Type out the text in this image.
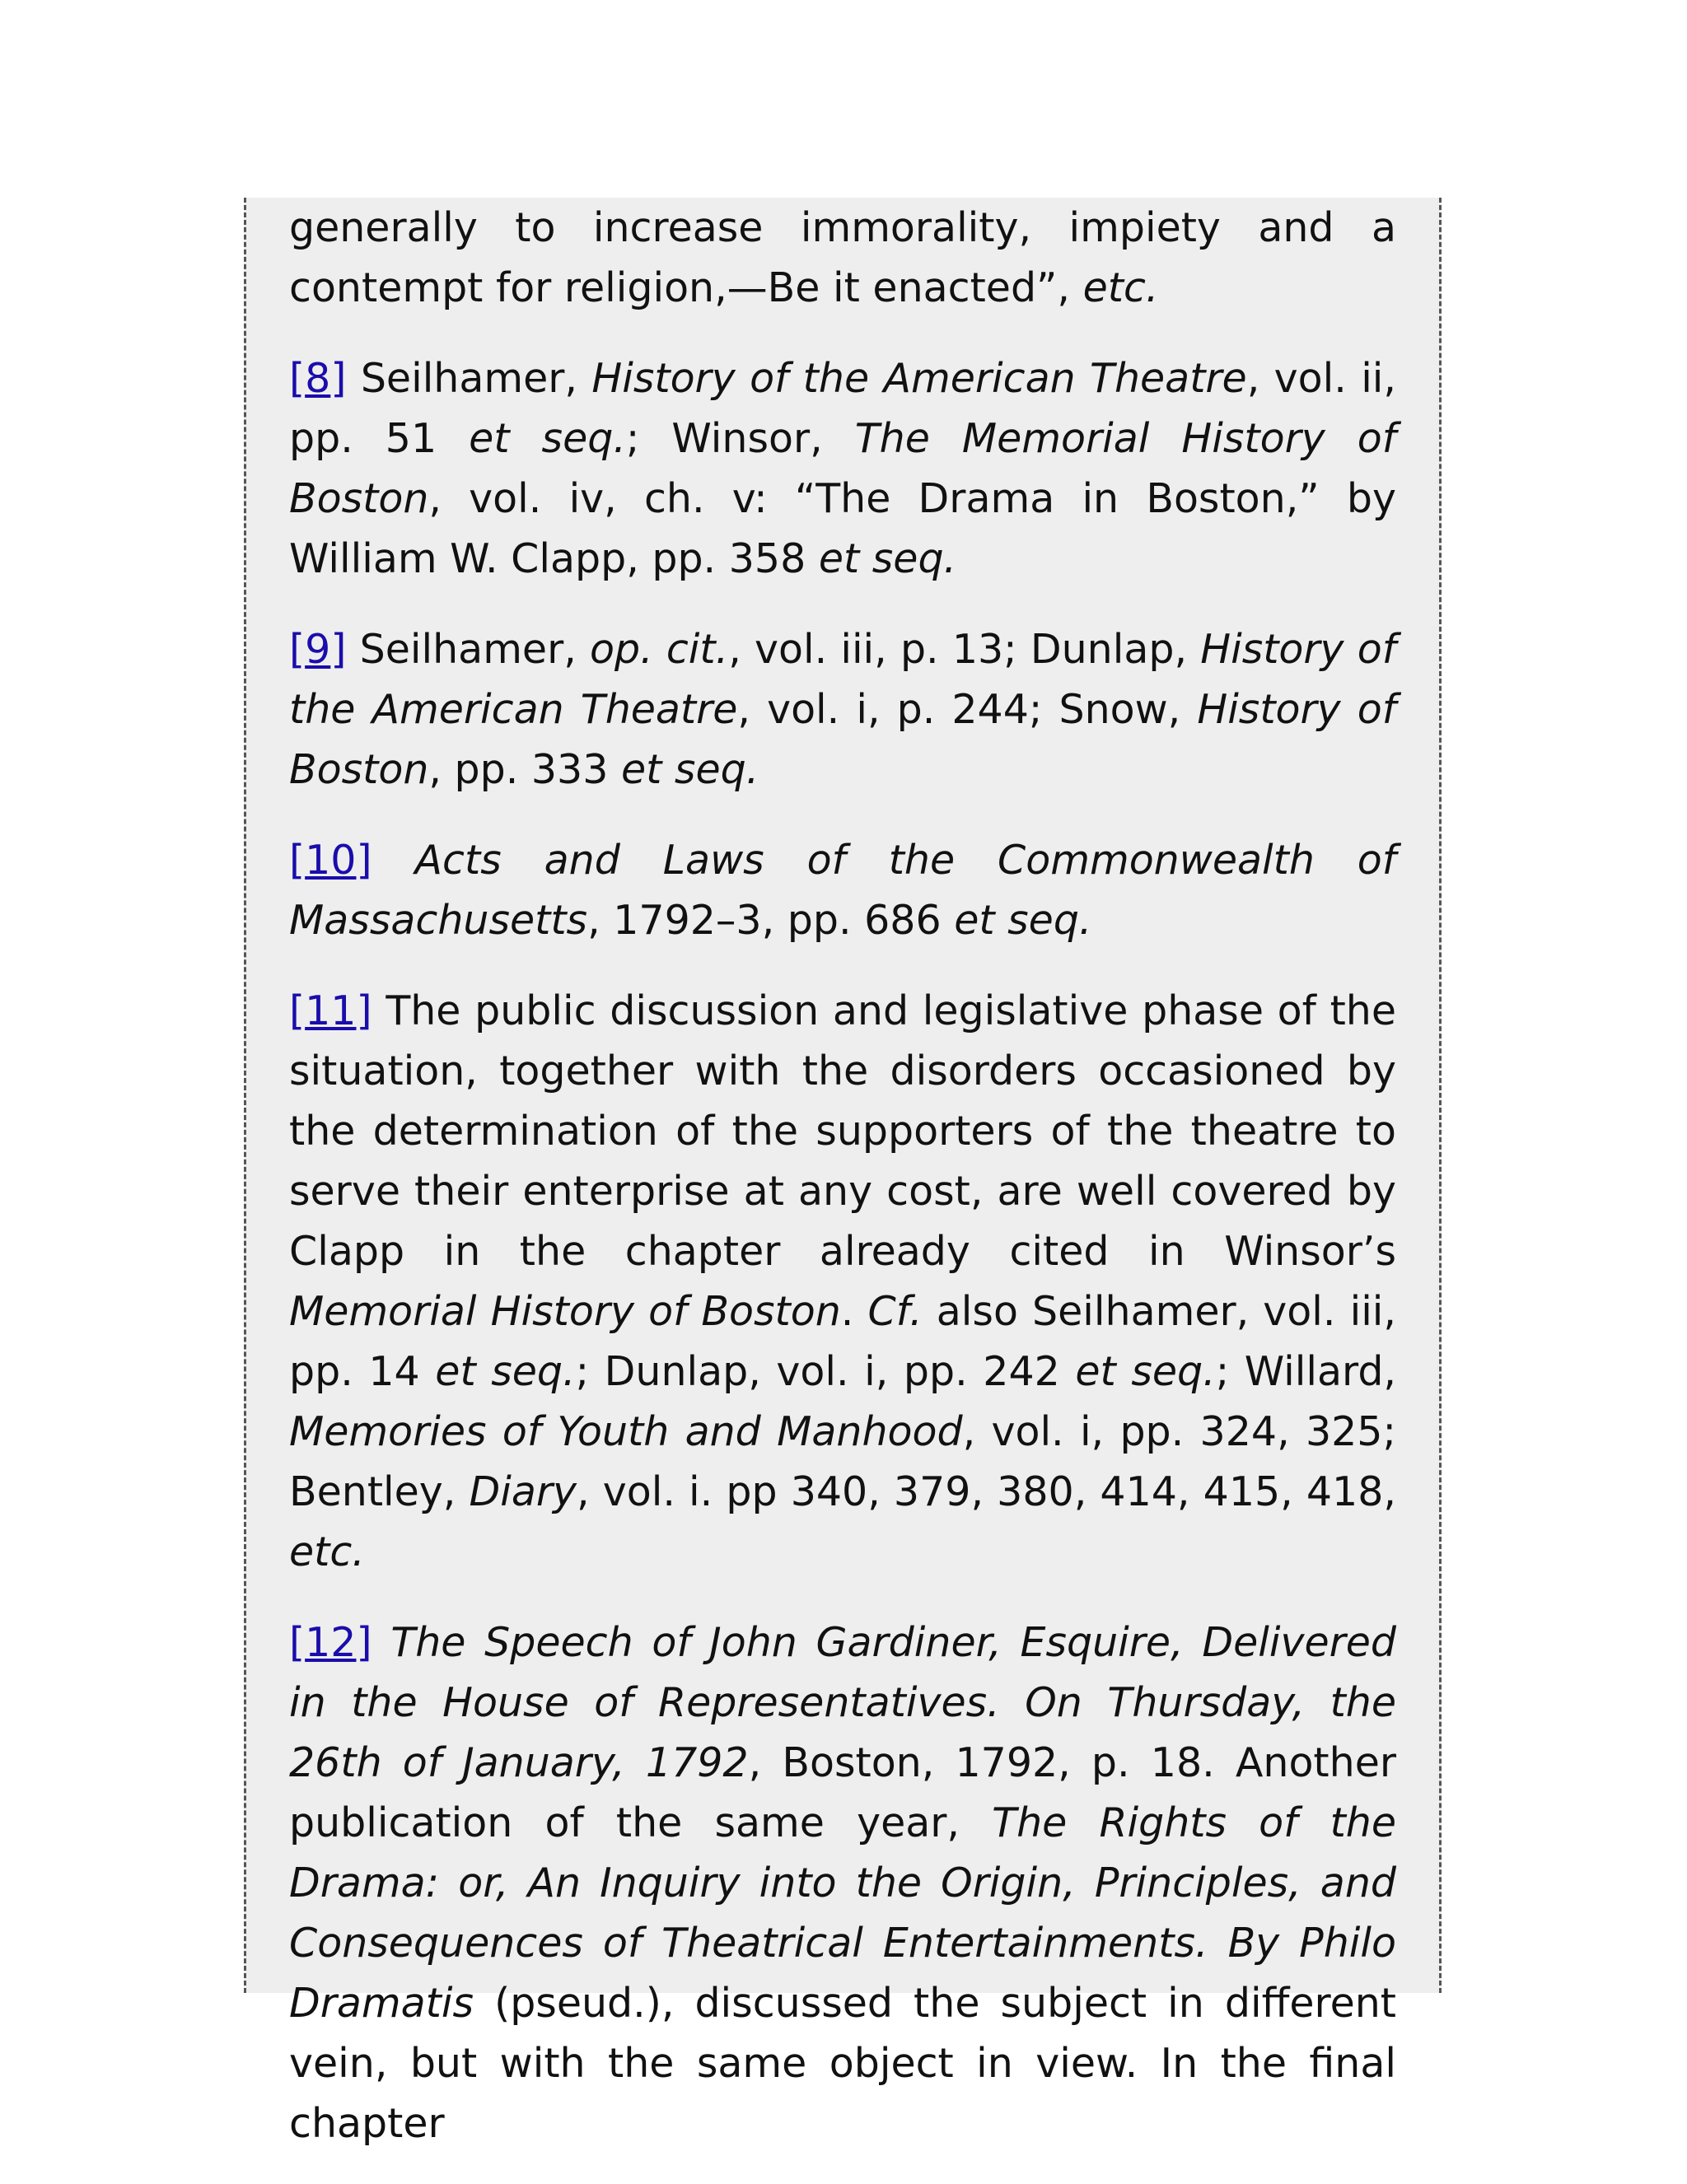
generally to increase immorality, impiety and a contempt for religion,—Be it enacted”, etc.

[8] Seilhamer, History of the American Theatre, vol. ii, pp. 51 et seq.; Winsor, The Memorial History of Boston, vol. iv, ch. v: “The Drama in Boston,” by William W. Clapp, pp. 358 et seq.

[9] Seilhamer, op. cit., vol. iii, p. 13; Dunlap, History of the American Theatre, vol. i, p. 244; Snow, History of Boston, pp. 333 et seq.

[10] Acts and Laws of the Commonwealth of Massachusetts, 1792–3, pp. 686 et seq.

[11] The public discussion and legislative phase of the situation, together with the disorders occasioned by the determination of the supporters of the theatre to serve their enterprise at any cost, are well covered by Clapp in the chapter already cited in Winsor’s Memorial History of Boston. Cf. also Seilhamer, vol. iii, pp. 14 et seq.; Dunlap, vol. i, pp. 242 et seq.; Willard, Memories of Youth and Manhood, vol. i, pp. 324, 325; Bentley, Diary, vol. i. pp 340, 379, 380, 414, 415, 418, etc.

[12] The Speech of John Gardiner, Esquire, Delivered in the House of Representatives. On Thursday, the 26th of January, 1792, Boston, 1792, p. 18. Another publication of the same year, The Rights of the Drama: or, An Inquiry into the Origin, Principles, and Consequences of Theatrical Entertainments. By Philo Dramatis (pseud.), discussed the subject in different vein, but with the same object in view. In the final chapter
